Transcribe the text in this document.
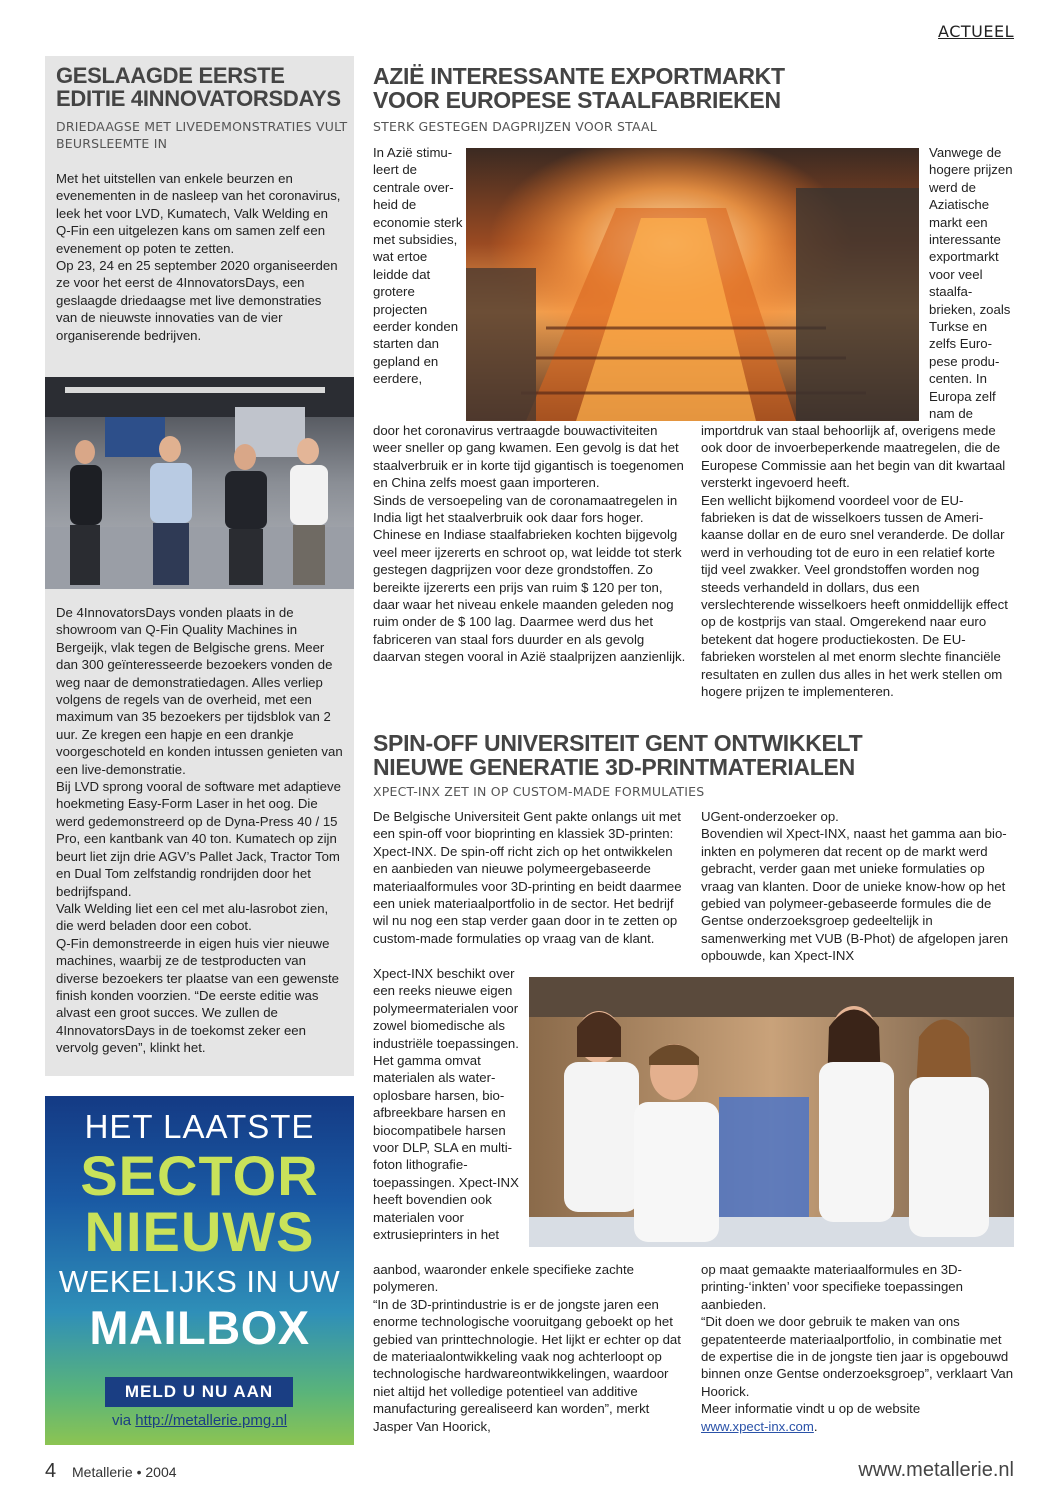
ACTUEEL
GESLAAGDE EERSTE EDITIE 4INNOVATORSDAYS
DRIEDAAGSE MET LIVEDEMONSTRATIES VULT BEURSLEEMTE IN
Met het uitstellen van enkele beurzen en evenementen in de nasleep van het coronavirus, leek het voor LVD, Kumatech, Valk Welding en Q-Fin een uitgelezen kans om samen zelf een evenement op poten te zetten.
Op 23, 24 en 25 september 2020 organiseerden ze voor het eerst de 4InnovatorsDays, een geslaagde driedaagse met live demonstraties van de nieuwste innovaties van de vier organiserende bedrijven.
De 4InnovatorsDays vonden plaats in de showroom van Q-Fin Quality Machines in Bergeijk, vlak tegen de Belgische grens. Meer dan 300 geïnteresseerde bezoekers vonden de weg naar de demonstratiedagen. Alles verliep volgens de regels van de overheid, met een maximum van 35 bezoekers per tijdsblok van 2 uur. Ze kregen een hapje en een drankje voorgeschoteld en konden intussen genieten van een live-demonstratie.
Bij LVD sprong vooral de software met adaptieve hoekmeting Easy-Form Laser in het oog. Die werd gedemonstreerd op de Dyna-Press 40 / 15 Pro, een kantbank van 40 ton. Kumatech op zijn beurt liet zijn drie AGV’s Pallet Jack, Tractor Tom en Dual Tom zelfstandig rondrijden door het bedrijfspand.
Valk Welding liet een cel met alu-lasrobot zien, die werd beladen door een cobot.
Q-Fin demonstreerde in eigen huis vier nieuwe machines, waarbij ze de testproducten van diverse bezoekers ter plaatse van een gewenste finish konden voorzien. “De eerste editie was alvast een groot succes. We zullen de 4InnovatorsDays in de toekomst zeker een vervolg geven”, klinkt het.
HET LAATSTE
SECTOR
NIEUWS
WEKELIJKS IN UW
MAILBOX
MELD U NU AAN
via http://metallerie.pmg.nl
AZIË INTERESSANTE EXPORTMARKT VOOR EUROPESE STAALFABRIEKEN
STERK GESTEGEN DAGPRIJZEN VOOR STAAL
In Azië stimuleert de centrale overheid de economie sterk met subsidies, wat ertoe leidde dat grotere projecten eerder konden starten dan gepland en eerdere,
Vanwege de hogere prijzen werd de Aziatische markt een interessante exportmarkt voor veel staalfabrieken, zoals Turkse en zelfs Europese producenten. In Europa zelf nam de
door het coronavirus vertraagde bouwactiviteiten weer sneller op gang kwamen. Een gevolg is dat het staalverbruik er in korte tijd gigantisch is toegenomen en China zelfs moest gaan importeren.
Sinds de versoepeling van de coronamaatregelen in India ligt het staalverbruik ook daar fors hoger. Chinese en Indiase staalfabrieken kochten bijgevolg veel meer ijzererts en schroot op, wat leidde tot sterk gestegen dagprijzen voor deze grondstoffen. Zo bereikte ijzererts een prijs van ruim $ 120 per ton, daar waar het niveau enkele maanden geleden nog ruim onder de $ 100 lag. Daarmee werd dus het fabriceren van staal fors duurder en als gevolg daarvan stegen vooral in Azië staalprijzen aanzienlijk.
importdruk van staal behoorlijk af, overigens mede ook door de invoerbeperkende maatregelen, die de Europese Commissie aan het begin van dit kwartaal versterkt ingevoerd heeft.
Een wellicht bijkomend voordeel voor de EU-fabrieken is dat de wisselkoers tussen de Amerikaanse dollar en de euro snel veranderde. De dollar werd in verhouding tot de euro in een relatief korte tijd veel zwakker. Veel grondstoffen worden nog steeds verhandeld in dollars, dus een verslechterende wisselkoers heeft onmiddellijk effect op de kostprijs van staal. Omgerekend naar euro betekent dat hogere productiekosten. De EU-fabrieken worstelen al met enorm slechte financiële resultaten en zullen dus alles in het werk stellen om hogere prijzen te implementeren.
SPIN-OFF UNIVERSITEIT GENT ONTWIKKELT NIEUWE GENERATIE 3D-PRINTMATERIALEN
XPECT-INX ZET IN OP CUSTOM-MADE FORMULATIES
De Belgische Universiteit Gent pakte onlangs uit met een spin-off voor bioprinting en klassiek 3D-printen: Xpect-INX. De spin-off richt zich op het ontwikkelen en aanbieden van nieuwe polymeergebaseerde materiaalformules voor 3D-printing en beidt daarmee een uniek materiaalportfolio in de sector. Het bedrijf wil nu nog een stap verder gaan door in te zetten op custom-made formulaties op vraag van de klant.
UGent-onderzoeker op.
Bovendien wil Xpect-INX, naast het gamma aan bio-inkten en polymeren dat recent op de markt werd gebracht, verder gaan met unieke formulaties op vraag van klanten. Door de unieke know-how op het gebied van polymeer-gebaseerde formules die de Gentse onderzoeksgroep gedeeltelijk in samenwerking met VUB (B-Phot) de afgelopen jaren opbouwde, kan Xpect-INX
Xpect-INX beschikt over een reeks nieuwe eigen polymeermaterialen voor zowel biomedische als industriële toepassingen. Het gamma omvat materialen als wateroplosbare harsen, bioafbreekbare harsen en biocompatibele harsen voor DLP, SLA en multifoton lithografietoepassingen. Xpect-INX heeft bovendien ook materialen voor extrusieprinters in het
aanbod, waaronder enkele specifieke zachte polymeren.
“In de 3D-printindustrie is er de jongste jaren een enorme technologische vooruitgang geboekt op het gebied van printtechnologie. Het lijkt er echter op dat de materiaalontwikkeling vaak nog achterloopt op technologische hardwareontwikkelingen, waardoor niet altijd het volledige potentieel van additive manufacturing gerealiseerd kan worden”, merkt Jasper Van Hoorick,
op maat gemaakte materiaalformules en 3D-printing-‘inkten’ voor specifieke toepassingen aanbieden.
“Dit doen we door gebruik te maken van ons gepatenteerde materiaalportfolio, in combinatie met de expertise die in de jongste tien jaar is opgebouwd binnen onze Gentse onderzoeksgroep”, verklaart Van Hoorick.
Meer informatie vindt u op de website
www.xpect-inx.com.
4 Metallerie • 2004	www.metallerie.nl
